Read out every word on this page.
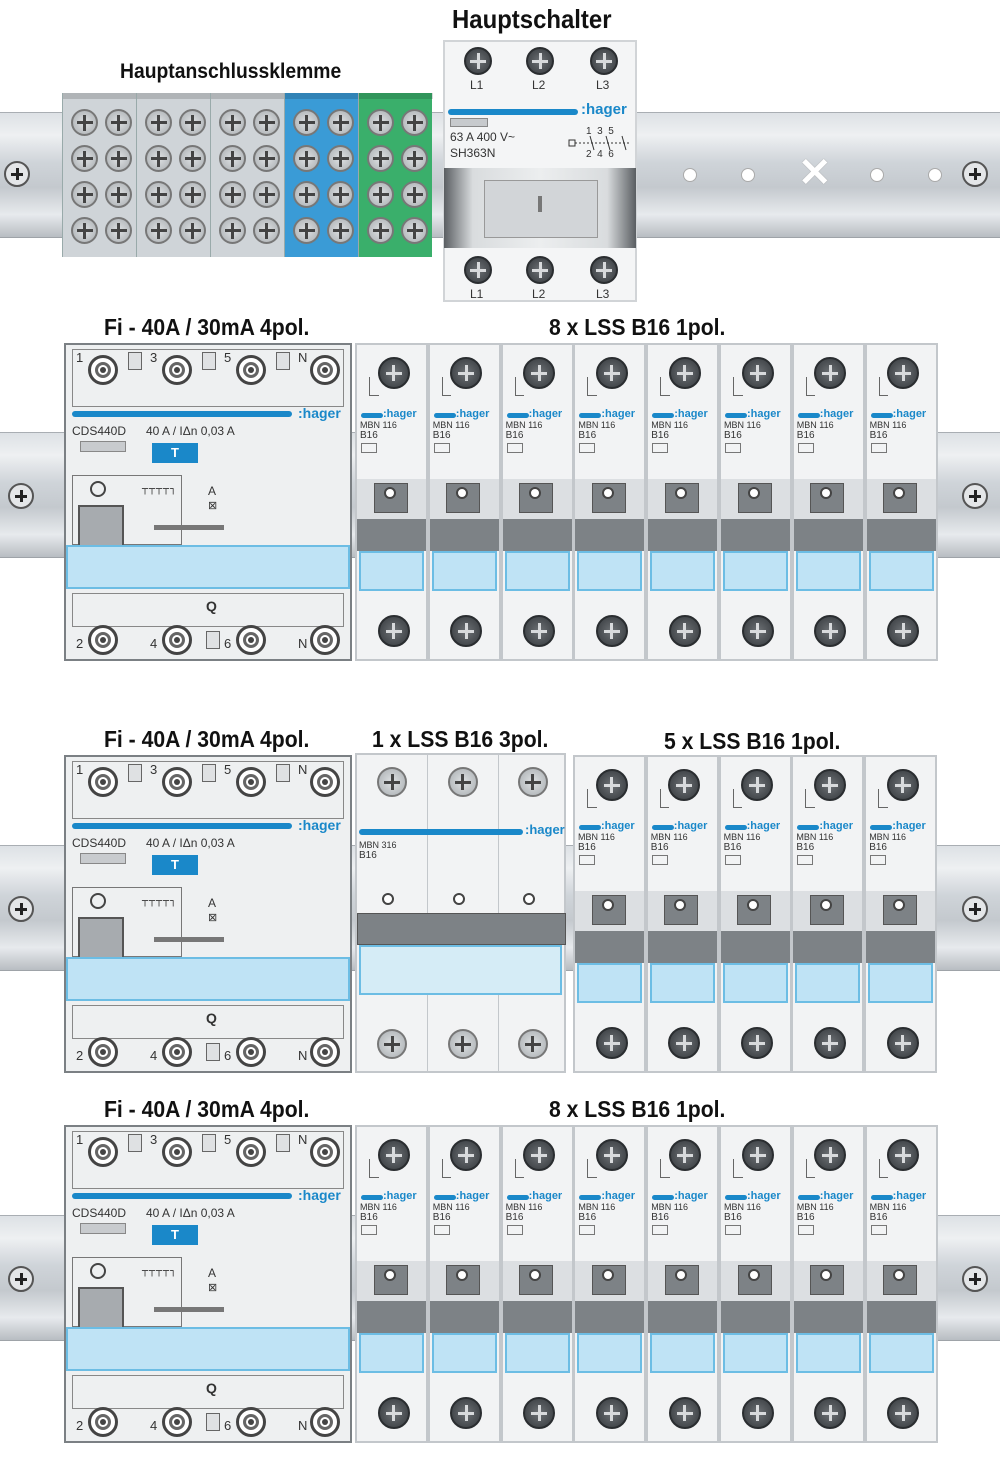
Hauptanschlussklemme
Hauptschalter
✕
L1	L2	L3
:hager
63 A 400 V~
SH363N
1  3  5
2  4  6
L1	L2	L3
Fi - 40A / 30mA 4pol.	8 x LSS B16 1pol.
Fi - 40A / 30mA 4pol.	1 x LSS B16 3pol.	5 x LSS B16 1pol.
Fi - 40A / 30mA 4pol.	8 x LSS B16 1pol.
1	3	5	N
:hager
CDS440D 40 A / IΔn 0,03 A
T
┬┬┬┬┐	A
⊠
Q
2	4	6	N
:hager
MBN 116
B16
:hager
MBN 116
B16
:hager
MBN 116
B16
:hager
MBN 116
B16
:hager
MBN 116
B16
:hager
MBN 116
B16
:hager
MBN 116
B16
:hager
MBN 116
B16
1	3	5	N
:hager
CDS440D 40 A / IΔn 0,03 A
T
┬┬┬┬┐	A
⊠
Q
2	4	6	N
:hager
MBN 316
B16
:hager
MBN 116
B16
:hager
MBN 116
B16
:hager
MBN 116
B16
:hager
MBN 116
B16
:hager
MBN 116
B16
1	3	5	N
:hager
CDS440D 40 A / IΔn 0,03 A
T
┬┬┬┬┐	A
⊠
Q
2	4	6	N
:hager
MBN 116
B16
:hager
MBN 116
B16
:hager
MBN 116
B16
:hager
MBN 116
B16
:hager
MBN 116
B16
:hager
MBN 116
B16
:hager
MBN 116
B16
:hager
MBN 116
B16
